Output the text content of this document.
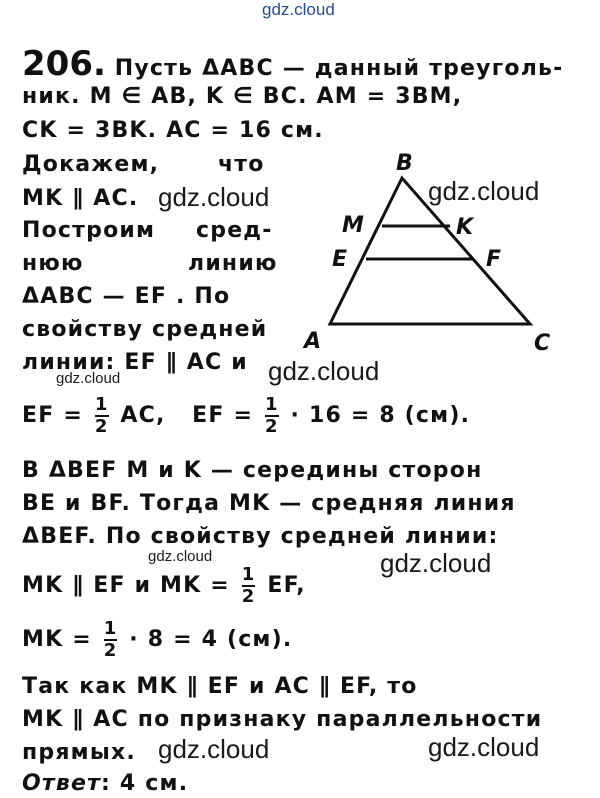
gdz.cloud
206. Пусть ΔABC — данный треуголь-
ник. M ∈ AB, K ∈ BC. AM = 3BM,
CK = 3BK. AC = 16 см.
Докажем,	что
MK ∥ AC.
Построим сред-
нюю	линию
ΔABC — EF . По
свойству средней
линии: EF ∥ AC и
B
M	K
E	F
A	C
EF = $\frac{1}{2}$ AC, EF = $\frac{1}{2} \cdot 16 = 8$ (см).
В ΔBEF M и K — середины сторон
BE и BF. Тогда MK — средняя линия
ΔBEF. По свойству средней линии:
MK ∥ EF и MK = $\frac{1}{2}$ EF,
MK = $\frac{1}{2} \cdot 8 = 4$ (см).
Так как MK ∥ EF и AC ∥ EF, то
MK ∥ AC по признаку параллельности
прямых.
Ответ: 4 см.
gdz.cloud	gdz.cloud
gdz.cloud
gdz.cloud
gdz.cloud	gdz.cloud
gdz.cloud	gdz.cloud
